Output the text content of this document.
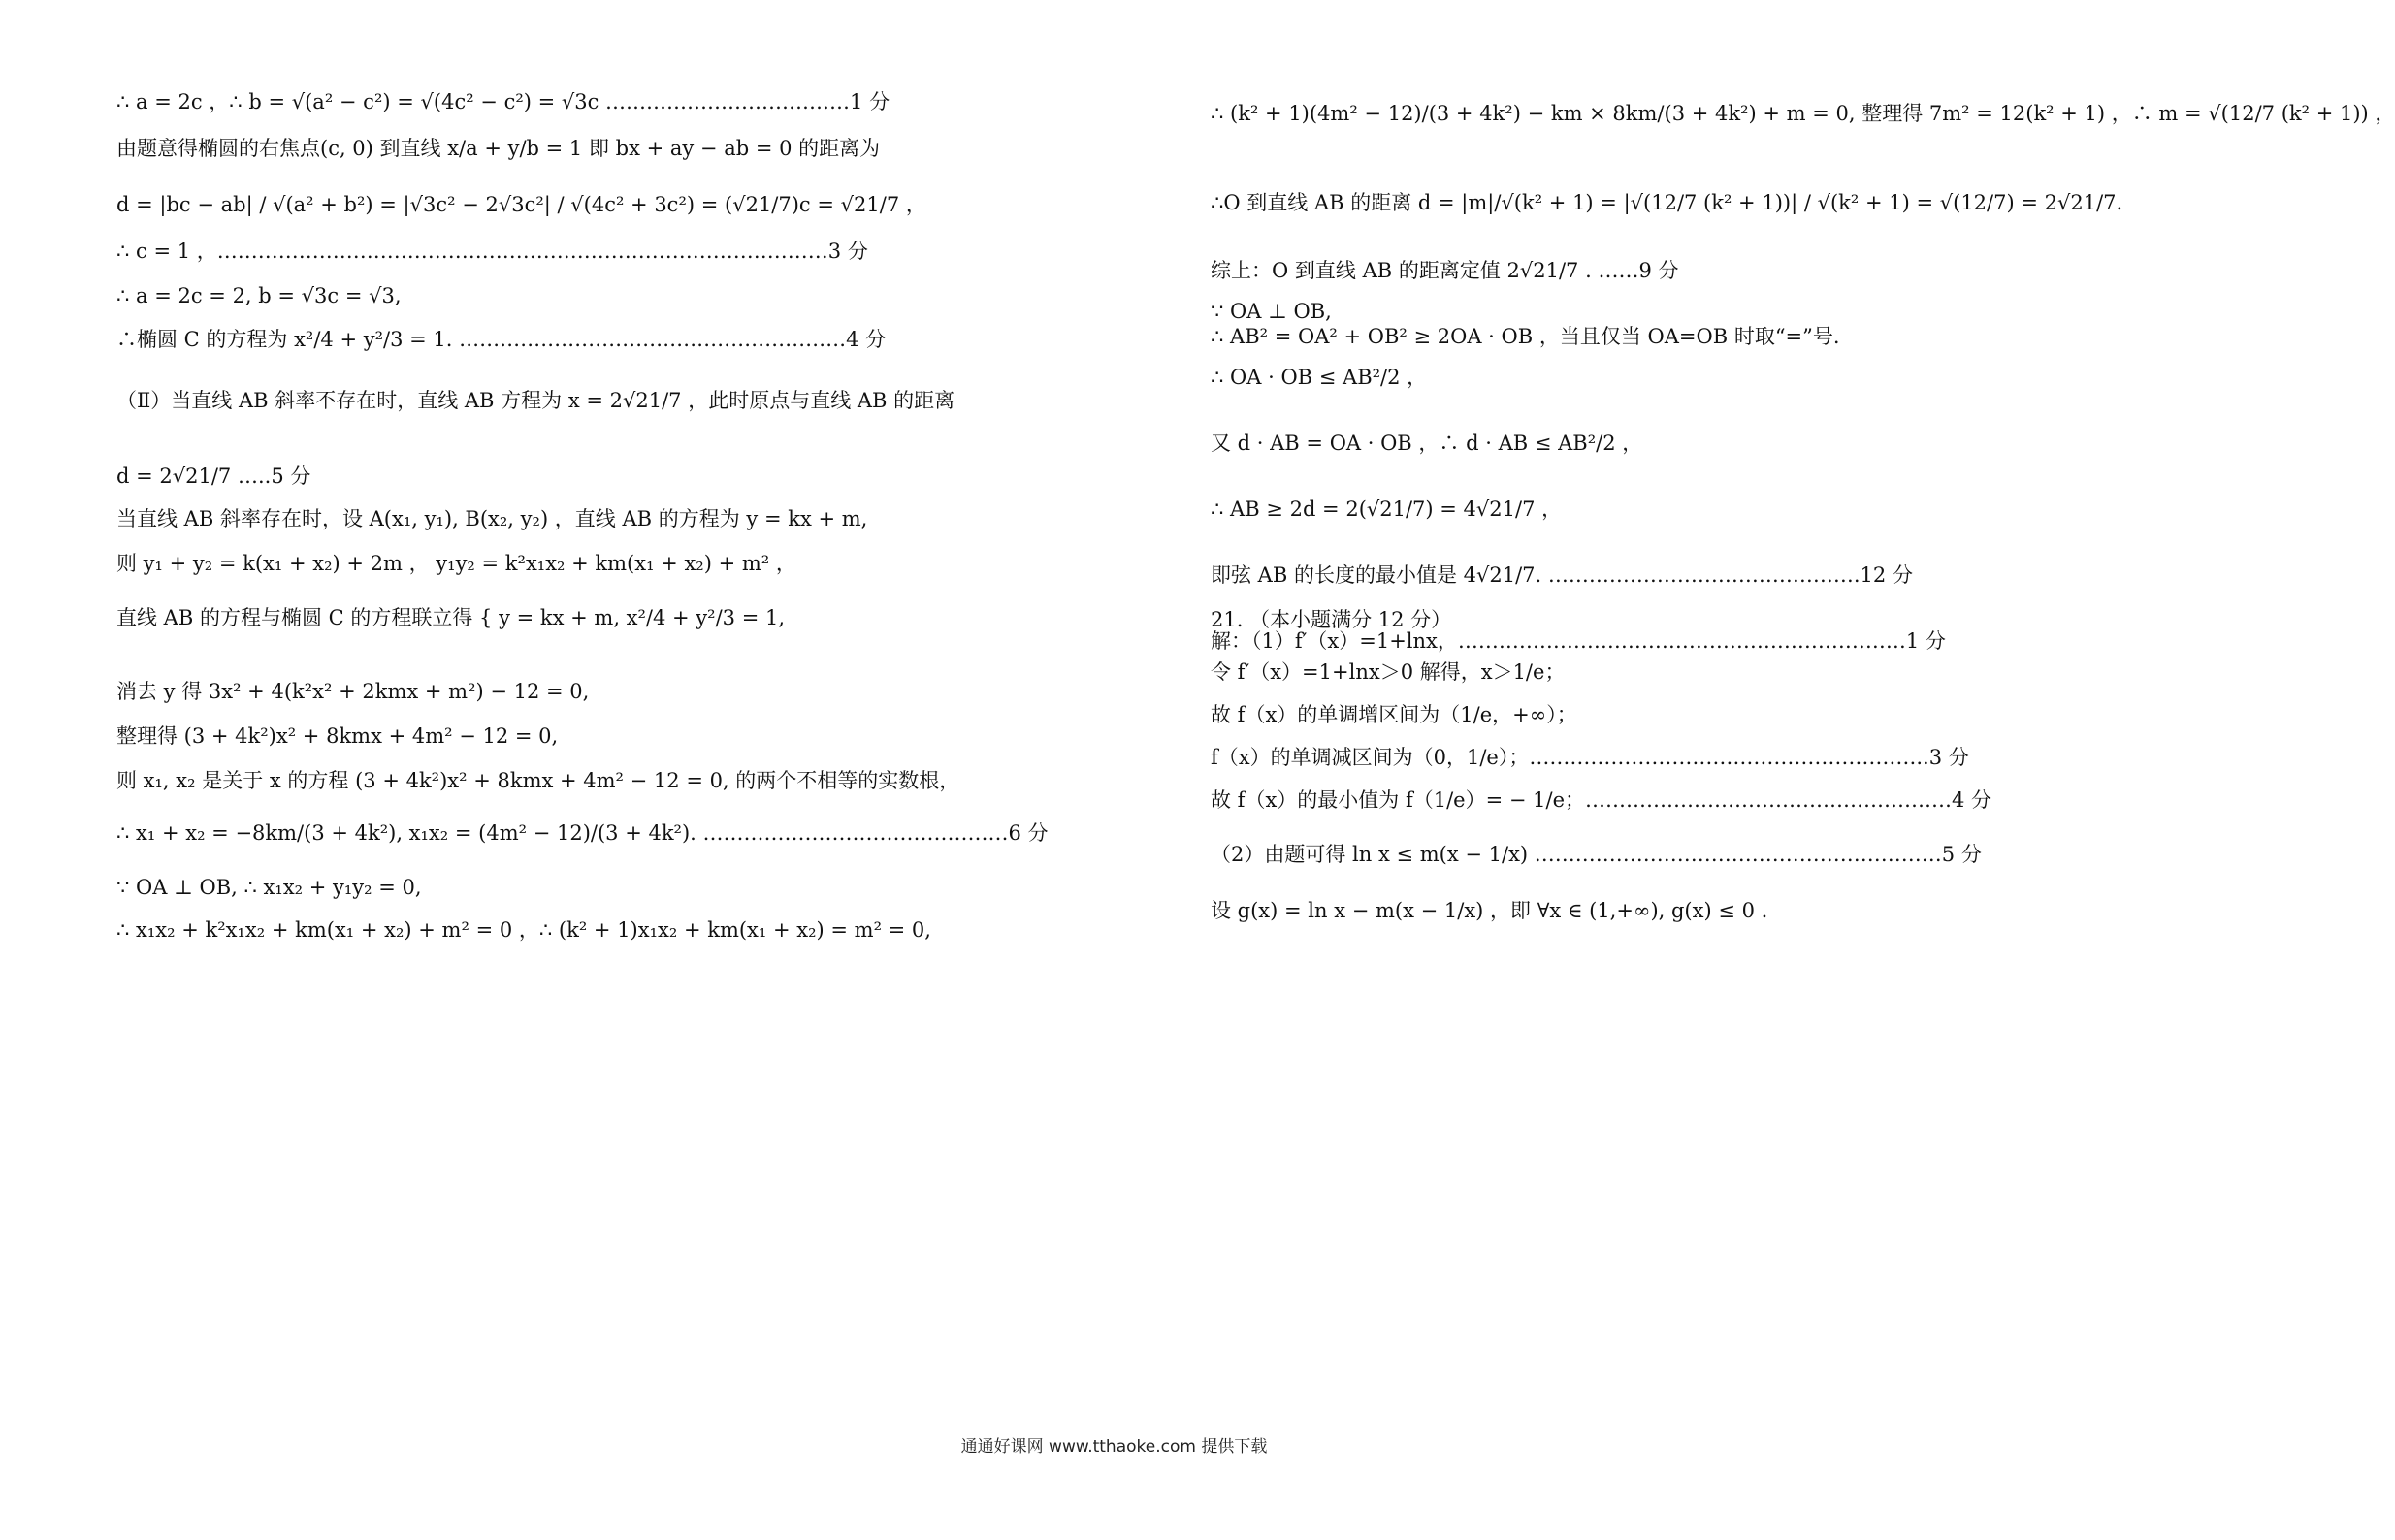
∴ a = 2c ，∴ b = √(a² − c²) = √(4c² − c²) = √3c ………………………………1 分
由题意得椭圆的右焦点(c, 0) 到直线 x/a + y/b = 1 即 bx + ay − ab = 0 的距离为
d = |bc − ab| / √(a² + b²) = |√3c² − 2√3c²| / √(4c² + 3c²) = (√21/7)c = √21/7 ，
∴ c = 1 ，………………………………………………………………………………3 分
∴ a = 2c = 2, b = √3c = √3,
∴椭圆 C 的方程为 x²/4 + y²/3 = 1. …………………………………………………4 分
（Ⅱ）当直线 AB 斜率不存在时，直线 AB 方程为 x = 2√21/7 ，此时原点与直线 AB 的距离
d = 2√21/7 …..5 分
当直线 AB 斜率存在时，设 A(x₁, y₁), B(x₂, y₂) ，直线 AB 的方程为 y = kx + m,
则 y₁ + y₂ = k(x₁ + x₂) + 2m ， y₁y₂ = k²x₁x₂ + km(x₁ + x₂) + m² ，
直线 AB 的方程与椭圆 C 的方程联立得 { y = kx + m, x²/4 + y²/3 = 1,
消去 y 得 3x² + 4(k²x² + 2kmx + m²) − 12 = 0,
整理得 (3 + 4k²)x² + 8kmx + 4m² − 12 = 0,
则 x₁, x₂ 是关于 x 的方程 (3 + 4k²)x² + 8kmx + 4m² − 12 = 0, 的两个不相等的实数根，
∴ x₁ + x₂ = −8km/(3 + 4k²), x₁x₂ = (4m² − 12)/(3 + 4k²). ………………………………………6 分
∵ OA ⊥ OB, ∴ x₁x₂ + y₁y₂ = 0,
∴ x₁x₂ + k²x₁x₂ + km(x₁ + x₂) + m² = 0 ，∴ (k² + 1)x₁x₂ + km(x₁ + x₂) = m² = 0,
∴ (k² + 1)(4m² − 12)/(3 + 4k²) − km × 8km/(3 + 4k²) + m = 0, 整理得 7m² = 12(k² + 1) ，∴ m = √(12/7 (k² + 1)) ，
∴O 到直线 AB 的距离 d = |m|/√(k² + 1) = |√(12/7 (k² + 1))| / √(k² + 1) = √(12/7) = 2√21/7.
综上：O 到直线 AB 的距离定值 2√21/7 . ……9 分
∵ OA ⊥ OB,
∴ AB² = OA² + OB² ≥ 2OA · OB ，当且仅当 OA=OB 时取“=”号.
∴ OA · OB ≤ AB²/2 ，
又 d · AB = OA · OB ，∴ d · AB ≤ AB²/2 ，
∴ AB ≥ 2d = 2(√21/7) = 4√21/7 ，
即弦 AB 的长度的最小值是 4√21/7. ……………………………………….12 分
21. （本小题满分 12 分）
解：（1）f′（x）=1+lnx，…………………………………………………………1 分
令 f′（x）=1+lnx＞0 解得，x＞1/e；
故 f（x）的单调增区间为（1/e，+∞）；
f（x）的单调减区间为（0，1/e）；…………………………………………………..3 分
故 f（x）的最小值为 f（1/e）= − 1/e；………………………………………………4 分
（2）由题可得 ln x ≤ m(x − 1/x) ……………………………………………………5 分
设 g(x) = ln x − m(x − 1/x) ，即 ∀x ∈ (1,+∞), g(x) ≤ 0 .
通通好课网 www.tthaoke.com 提供下载
